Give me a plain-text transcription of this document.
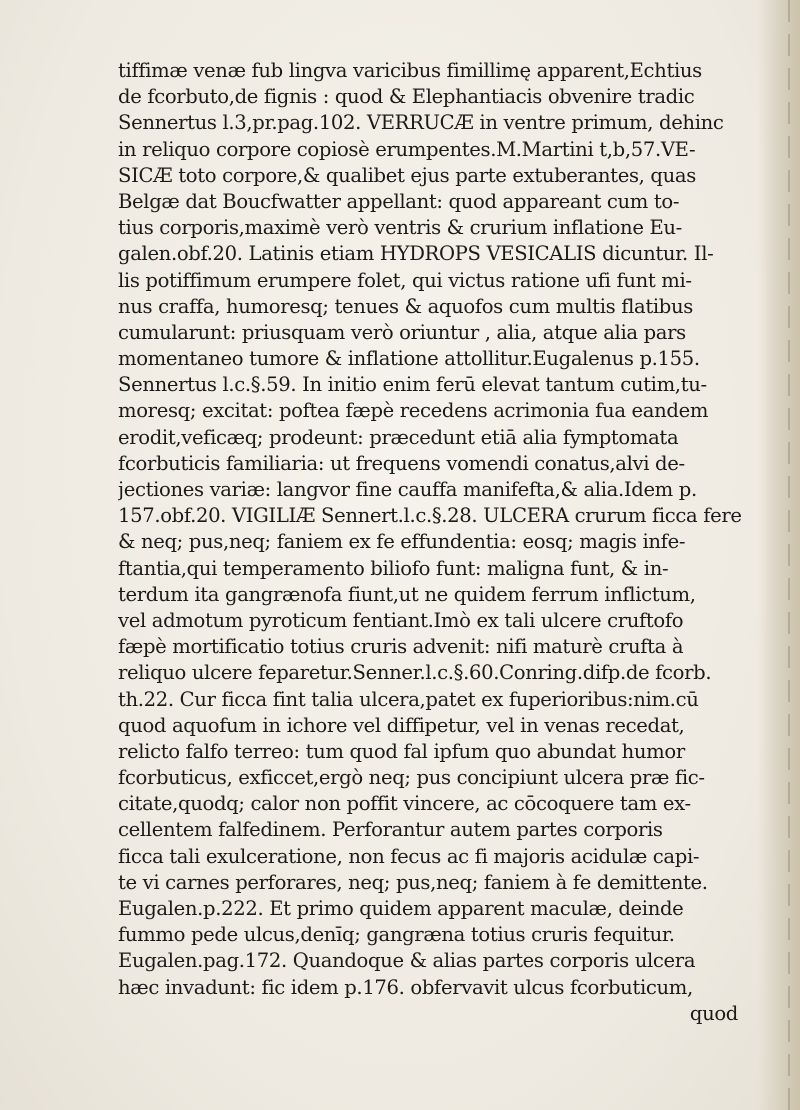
tiffimæ venæ fub lingva varicibus fimillimę apparent,Echtius
de fcorbuto,de fignis : quod & Elephantiacis obvenire tradic
Sennertus l.3,pr.pag.102. VERRUCÆ in ventre primum, dehinc
in reliquo corpore copiosè erumpentes.M.Martini t,b,57.VE-
SICÆ toto corpore,& qualibet ejus parte extuberantes, quas
Belgæ dat Boucfwatter appellant: quod appareant cum to-
tius corporis,maximè verò ventris & crurium inflatione Eu-
galen.obf.20. Latinis etiam HYDROPS VESICALIS dicuntur. Il-
lis potiffimum erumpere folet, qui victus ratione ufi funt mi-
nus craffa, humoresq; tenues & aquofos cum multis flatibus
cumularunt: priusquam verò oriuntur , alia, atque alia pars
momentaneo tumore & inflatione attollitur.Eugalenus p.155.
Sennertus l.c.§.59. In initio enim ferū elevat tantum cutim,tu-
moresq; excitat: poftea fæpè recedens acrimonia fua eandem
erodit,veficæq; prodeunt: præcedunt etiā alia fymptomata
fcorbuticis familiaria: ut frequens vomendi conatus,alvi de-
jectiones variæ: langvor fine cauffa manifefta,& alia.Idem p.
157.obf.20. VIGILIÆ Sennert.l.c.§.28. ULCERA crurum ficca fere
& neq; pus,neq; faniem ex fe effundentia: eosq; magis infe-
ftantia,qui temperamento biliofo funt: maligna funt, & in-
terdum ita gangrænofa fiunt,ut ne quidem ferrum inflictum,
vel admotum pyroticum fentiant.Imò ex tali ulcere cruftofo
fæpè mortificatio totius cruris advenit: nifi maturè crufta à
reliquo ulcere feparetur.Senner.l.c.§.60.Conring.difp.de fcorb.
th.22. Cur ficca fint talia ulcera,patet ex fuperioribus:nim.cū
quod aquofum in ichore vel diffipetur, vel in venas recedat,
relicto falfo terreo: tum quod fal ipfum quo abundat humor
fcorbuticus, exficcet,ergò neq; pus concipiunt ulcera præ fic-
citate,quodq; calor non poffit vincere, ac cōcoquere tam ex-
cellentem falfedinem. Perforantur autem partes corporis
ficca tali exulceratione, non fecus ac fi majoris acidulæ capi-
te vi carnes perforares, neq; pus,neq; faniem à fe demittente.
Eugalen.p.222. Et primo quidem apparent maculæ, deinde
fummo pede ulcus,denīq; gangræna totius cruris fequitur.
Eugalen.pag.172. Quandoque & alias partes corporis ulcera
hæc invadunt: fic idem p.176. obfervavit ulcus fcorbuticum,
quod
